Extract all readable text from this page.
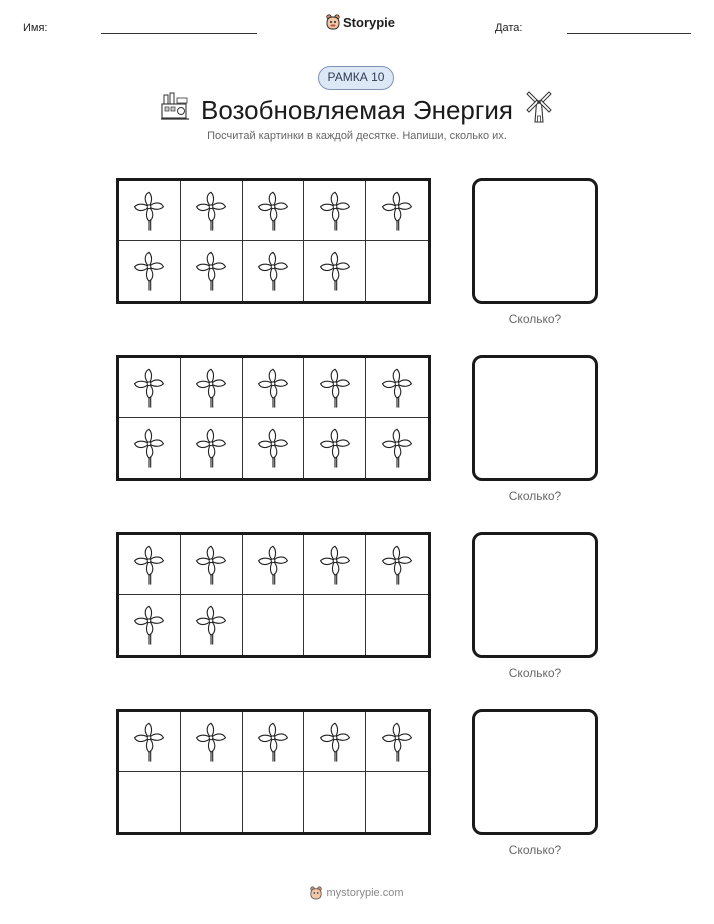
Имя:	Storypie	Дата:
РАМКА 10
Возобновляемая Энергия
Посчитай картинки в каждой десятке. Напиши, сколько их.
Сколько?
Сколько?
Сколько?
Сколько?
mystorypie.com
